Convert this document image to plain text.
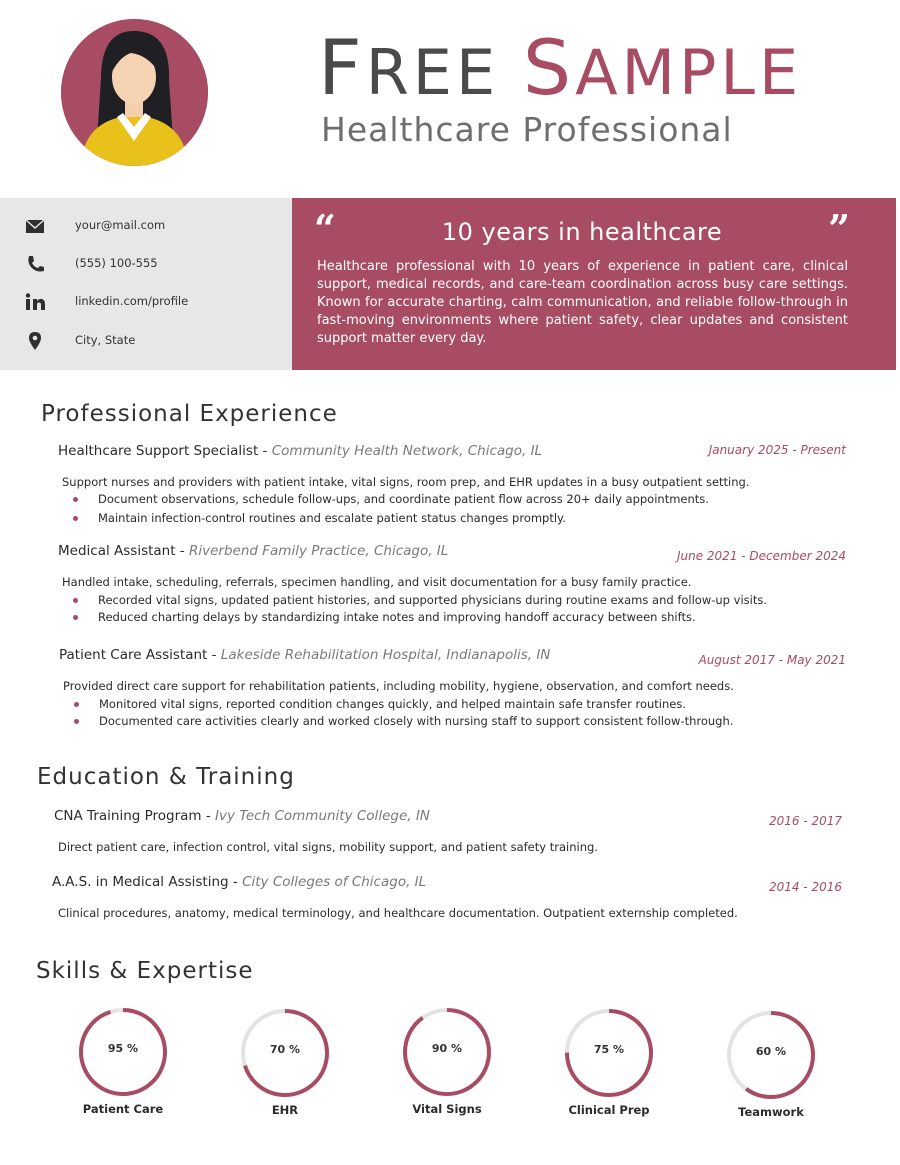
FREE SAMPLE
Healthcare Professional
your@mail.com
(555) 100-555
linkedin.com/profile
City, State
“	”
10 years in healthcare
Healthcare professional with 10 years of experience in patient care, clinical support, medical records, and care-team coordination across busy care settings. Known for accurate charting, calm communication, and reliable follow-through in fast-moving environments where patient safety, clear updates and consistent support matter every day.
Professional Experience
Healthcare Support Specialist - Community Health Network, Chicago, IL	January 2025 - Present
Support nurses and providers with patient intake, vital signs, room prep, and EHR updates in a busy outpatient setting.
Document observations, schedule follow-ups, and coordinate patient flow across 20+ daily appointments.
Maintain infection-control routines and escalate patient status changes promptly.
Medical Assistant - Riverbend Family Practice, Chicago, IL	June 2021 - December 2024
Handled intake, scheduling, referrals, specimen handling, and visit documentation for a busy family practice.
Recorded vital signs, updated patient histories, and supported physicians during routine exams and follow-up visits.
Reduced charting delays by standardizing intake notes and improving handoff accuracy between shifts.
Patient Care Assistant - Lakeside Rehabilitation Hospital, Indianapolis, IN	August 2017 - May 2021
Provided direct care support for rehabilitation patients, including mobility, hygiene, observation, and comfort needs.
Monitored vital signs, reported condition changes quickly, and helped maintain safe transfer routines.
Documented care activities clearly and worked closely with nursing staff to support consistent follow-through.
Education & Training
CNA Training Program - Ivy Tech Community College, IN	2016 - 2017
Direct patient care, infection control, vital signs, mobility support, and patient safety training.
A.A.S. in Medical Assisting - City Colleges of Chicago, IL	2014 - 2016
Clinical procedures, anatomy, medical terminology, and healthcare documentation. Outpatient externship completed.
Skills & Expertise
95 %
Patient Care
70 %
EHR
90 %
Vital Signs
75 %
Clinical Prep
60 %
Teamwork
